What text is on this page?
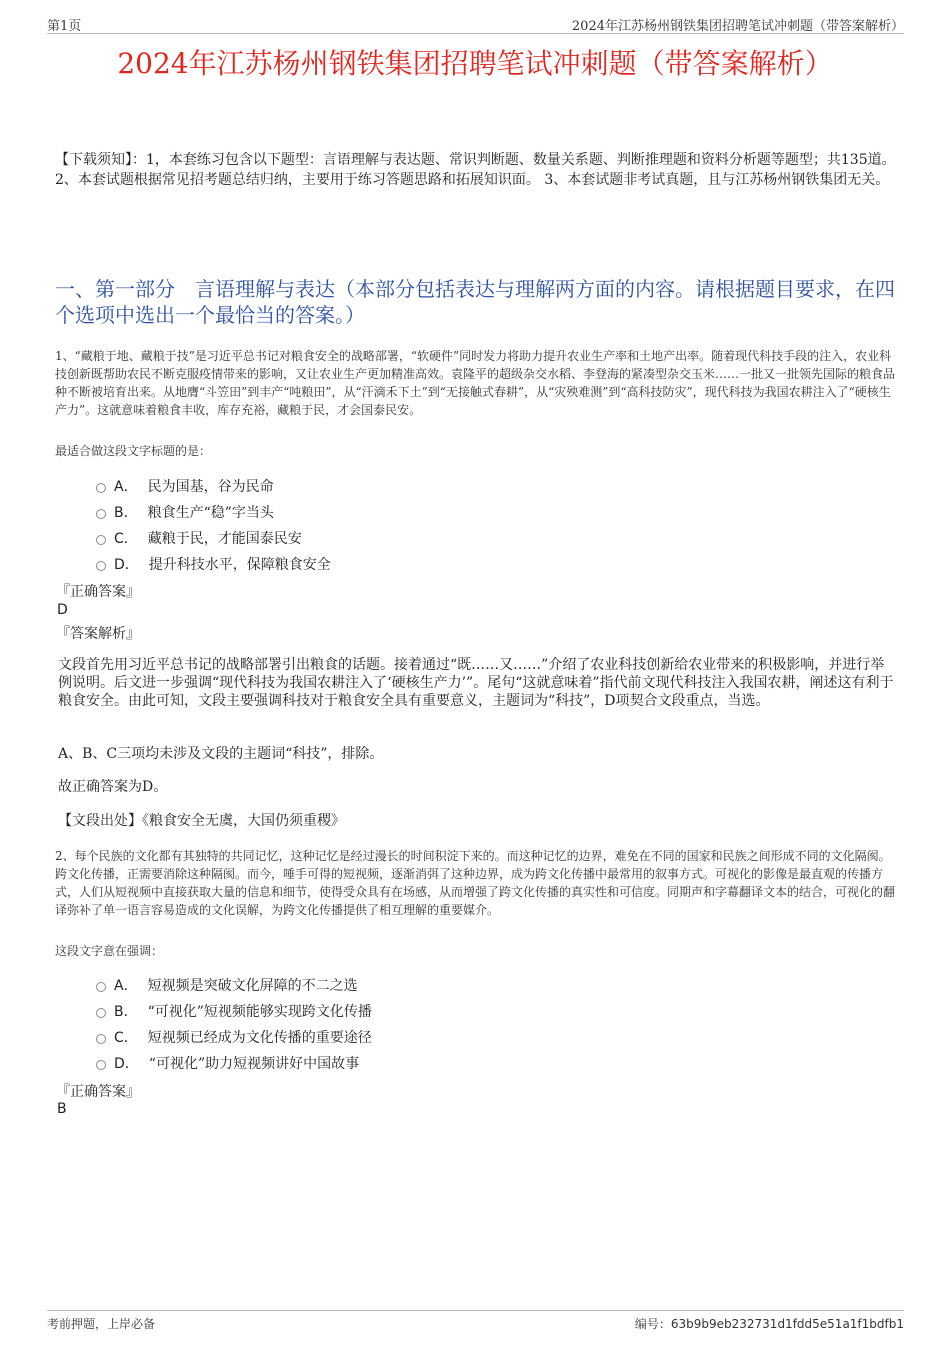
第1页	2024年江苏杨州钢铁集团招聘笔试冲刺题（带答案解析）
2024年江苏杨州钢铁集团招聘笔试冲刺题（带答案解析）
【下载须知】：1，本套练习包含以下题型：言语理解与表达题、常识判断题、数量关系题、判断推理题和资料分析题等题型；共135道。 2、本套试题根据常见招考题总结归纳，主要用于练习答题思路和拓展知识面。 3、本套试题非考试真题，且与江苏杨州钢铁集团无关。
一、第一部分　言语理解与表达（本部分包括表达与理解两方面的内容。请根据题目要求，在四个选项中选出一个最恰当的答案。）
1、“藏粮于地、藏粮于技”是习近平总书记对粮食安全的战略部署，“软硬件”同时发力将助力提升农业生产率和土地产出率。随着现代科技手段的注入，农业科技创新既帮助农民不断克服疫情带来的影响，又让农业生产更加精准高效。袁隆平的超级杂交水稻、李登海的紧凑型杂交玉米……一批又一批领先国际的粮食品种不断被培育出来。从地膺“斗笠田”到丰产“吨粮田”，从“汗滴禾下土”到“无接触式春耕”，从“灾殃难测”到“高科技防灾”，现代科技为我国农耕注入了“硬核生产力”。这就意味着粮食丰收，库存充裕，藏粮于民，才会国泰民安。
最适合做这段文字标题的是：
A． 民为国基，谷为民命
B． 粮食生产“稳”字当头
C． 藏粮于民，才能国泰民安
D． 提升科技水平，保障粮食安全
『正确答案』
D
『答案解析』
文段首先用习近平总书记的战略部署引出粮食的话题。接着通过“既……又……”介绍了农业科技创新给农业带来的积极影响，并进行举例说明。后文进一步强调“现代科技为我国农耕注入了‘硬核生产力’”。尾句“这就意味着”指代前文现代科技注入我国农耕，阐述这有利于粮食安全。由此可知，文段主要强调科技对于粮食安全具有重要意义，主题词为“科技”，D项契合文段重点，当选。
A、B、C三项均未涉及文段的主题词“科技”，排除。
故正确答案为D。
【文段出处】《粮食安全无虞，大国仍须重稷》
2、每个民族的文化都有其独特的共同记忆，这种记忆是经过漫长的时间积淀下来的。而这种记忆的边界，难免在不同的国家和民族之间形成不同的文化隔阂。跨文化传播，正需要消除这种隔阂。而今，唾手可得的短视频，逐渐消弭了这种边界，成为跨文化传播中最常用的叙事方式。可视化的影像是最直观的传播方式，人们从短视频中直接获取大量的信息和细节，使得受众具有在场感，从而增强了跨文化传播的真实性和可信度。同期声和字幕翻译文本的结合，可视化的翻译弥补了单一语言容易造成的文化误解，为跨文化传播提供了相互理解的重要媒介。
这段文字意在强调：
A． 短视频是突破文化屏障的不二之选
B． “可视化”短视频能够实现跨文化传播
C． 短视频已经成为文化传播的重要途径
D． “可视化”助力短视频讲好中国故事
『正确答案』
B
考前押题，上岸必备	编号：63b9b9eb232731d1fdd5e51a1f1bdfb1
